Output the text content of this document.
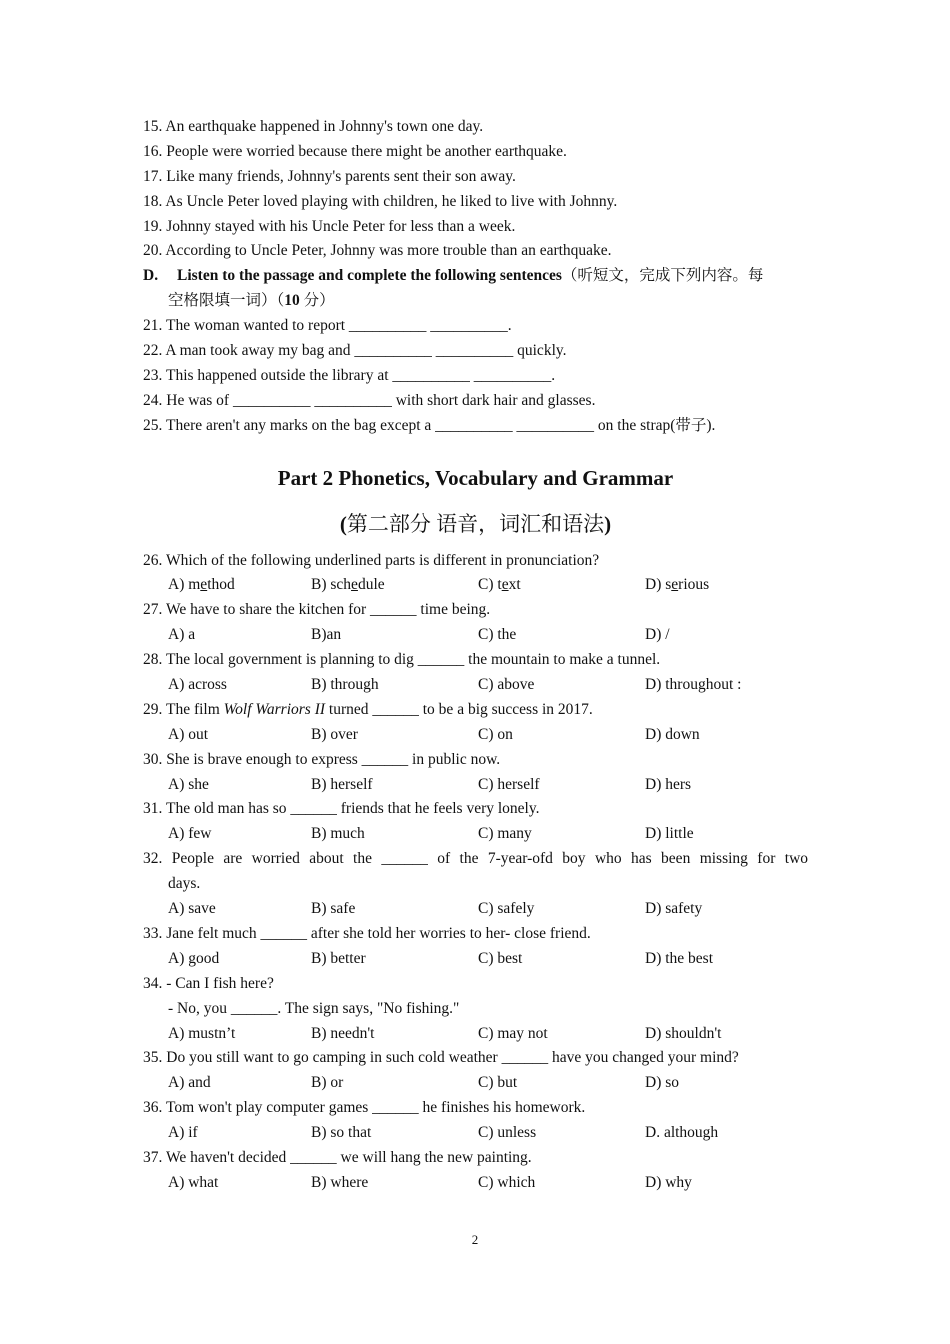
15. An earthquake happened in Johnny's town one day.
16. People were worried because there might be another earthquake.
17. Like many friends, Johnny's parents sent their son away.
18. As Uncle Peter loved playing with children, he liked to live with Johnny.
19. Johnny stayed with his Uncle Peter for less than a week.
20. According to Uncle Peter, Johnny was more trouble than an earthquake.
D.	Listen to the passage and complete the following sentences（听短文，完成下列内容。每
空格限填一词）（10 分）
21. The woman wanted to report __________ __________.
22. A man took away my bag and __________ __________ quickly.
23. This happened outside the library at __________ __________.
24. He was of __________ __________ with short dark hair and glasses.
25. There aren't any marks on the bag except a __________ __________ on the strap(带子).
Part 2 Phonetics, Vocabulary and Grammar
(第二部分 语音，词汇和语法)
26. Which of the following underlined parts is different in pronunciation?
A) method	B) schedule	C) text	D) serious
27. We have to share the kitchen for ______ time being.
A) a	B)an	C) the	D) /
28. The local government is planning to dig ______ the mountain to make a tunnel.
A) across	B) through	C) above	D) throughout :
29. The film Wolf Warriors II turned ______ to be a big success in 2017.
A) out	B) over	C) on	D) down
30. She is brave enough to express ______ in public now.
A) she	B) herself	C) herself	D) hers
31. The old man has so ______ friends that he feels very lonely.
A) few	B) much	C) many	D) little
32. People are worried about the ______ of the 7-year-ofd boy who has been missing for two
days.
A) save	B) safe	C) safely	D) safety
33. Jane felt much ______ after she told her worries to her- close friend.
A) good	B) better	C) best	D) the best
34. - Can I fish here?
- No, you ______. The sign says, "No fishing."
A) mustn’t	B) needn't	C) may not	D) shouldn't
35. Do you still want to go camping in such cold weather ______ have you changed your mind?
A) and	B) or	C) but	D) so
36. Tom won't play computer games ______ he finishes his homework.
A) if	B) so that	C) unless	D. although
37. We haven't decided ______ we will hang the new painting.
A) what	B) where	C) which	D) why
2
